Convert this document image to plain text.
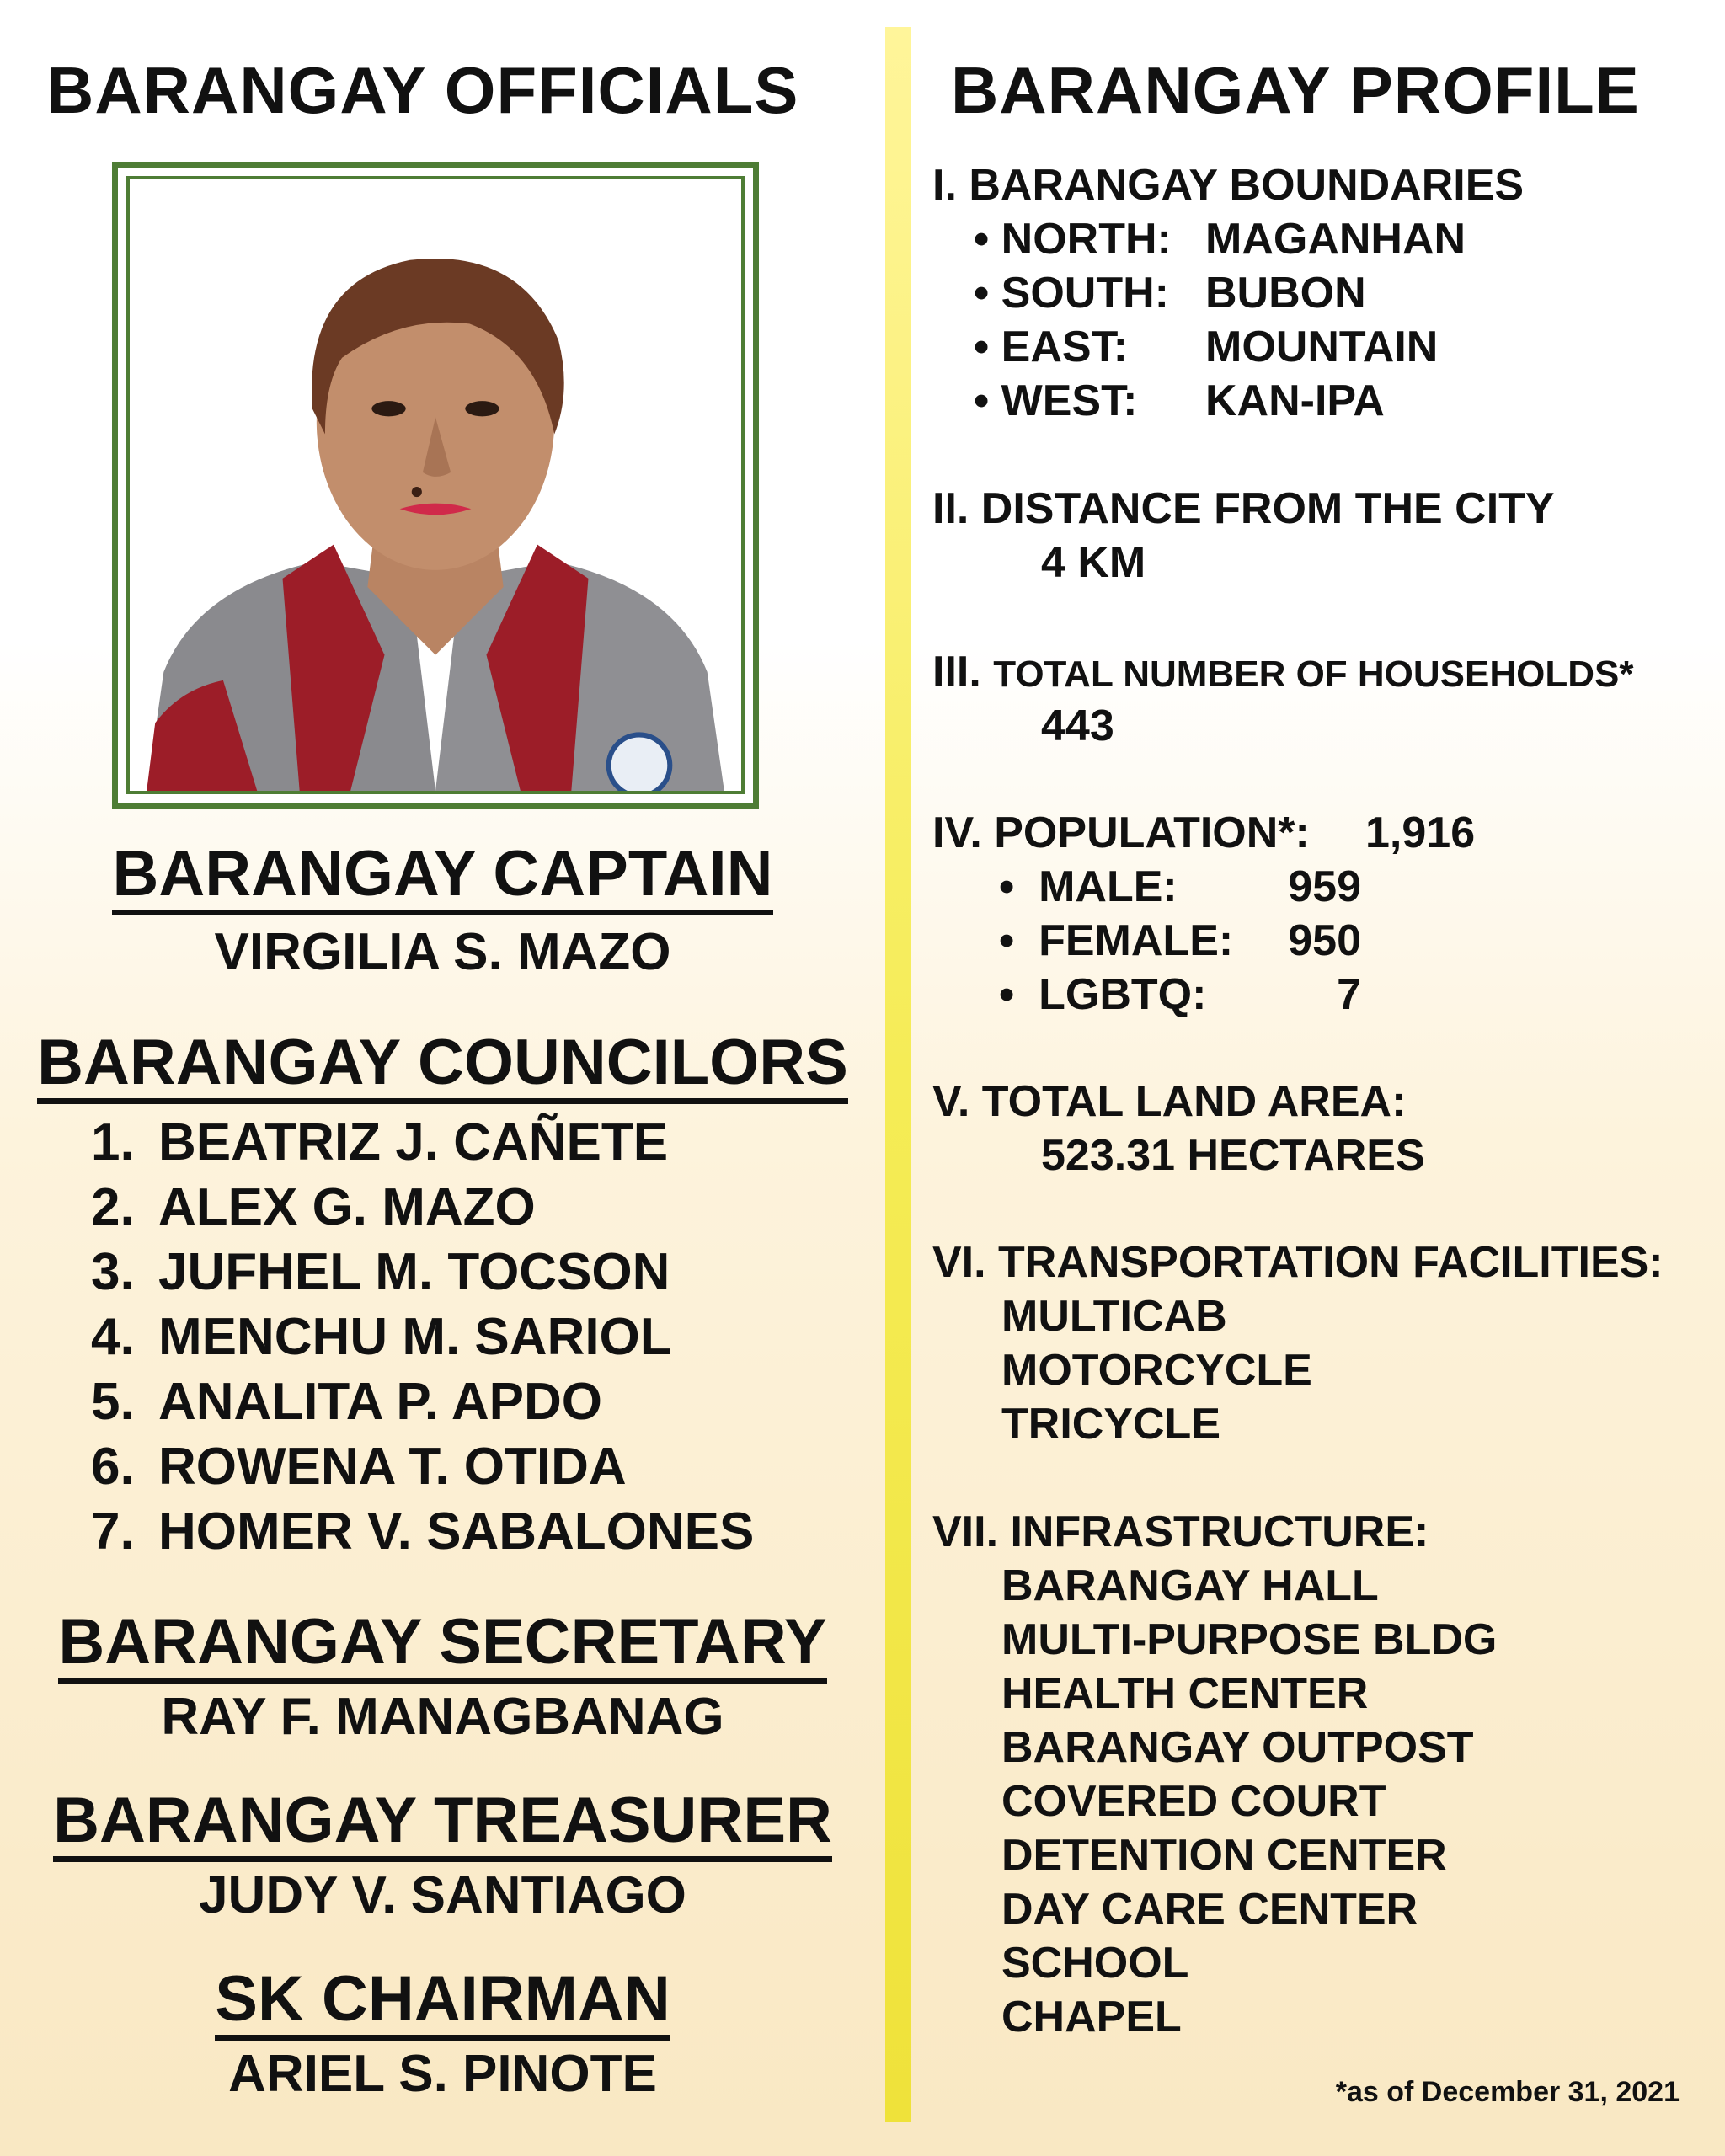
BARANGAY OFFICIALS
BARANGAY CAPTAIN
VIRGILIA S. MAZO
BARANGAY COUNCILORS
1. BEATRIZ J. CAÑETE
2. ALEX G. MAZO
3. JUFHEL M. TOCSON
4. MENCHU M. SARIOL
5. ANALITA P. APDO
6. ROWENA T. OTIDA
7. HOMER V. SABALONES
BARANGAY SECRETARY
RAY F. MANAGBANAG
BARANGAY TREASURER
JUDY V. SANTIAGO
SK CHAIRMAN
ARIEL S. PINOTE
BARANGAY PROFILE
I. BARANGAY BOUNDARIES
• NORTH: MAGANHAN
• SOUTH: BUBON
• EAST: MOUNTAIN
• WEST: KAN-IPA
II. DISTANCE FROM THE CITY
4 KM
III. TOTAL NUMBER OF HOUSEHOLDS*
443
IV. POPULATION*: 1,916
•  MALE:	959
•  FEMALE:	950
•  LGBTQ:	7
V. TOTAL LAND AREA:
523.31 HECTARES
VI. TRANSPORTATION FACILITIES:
MULTICAB
MOTORCYCLE
TRICYCLE
VII. INFRASTRUCTURE:
BARANGAY HALL
MULTI-PURPOSE BLDG
HEALTH CENTER
BARANGAY OUTPOST
COVERED COURT
DETENTION CENTER
DAY CARE CENTER
SCHOOL
CHAPEL
*as of December 31, 2021
